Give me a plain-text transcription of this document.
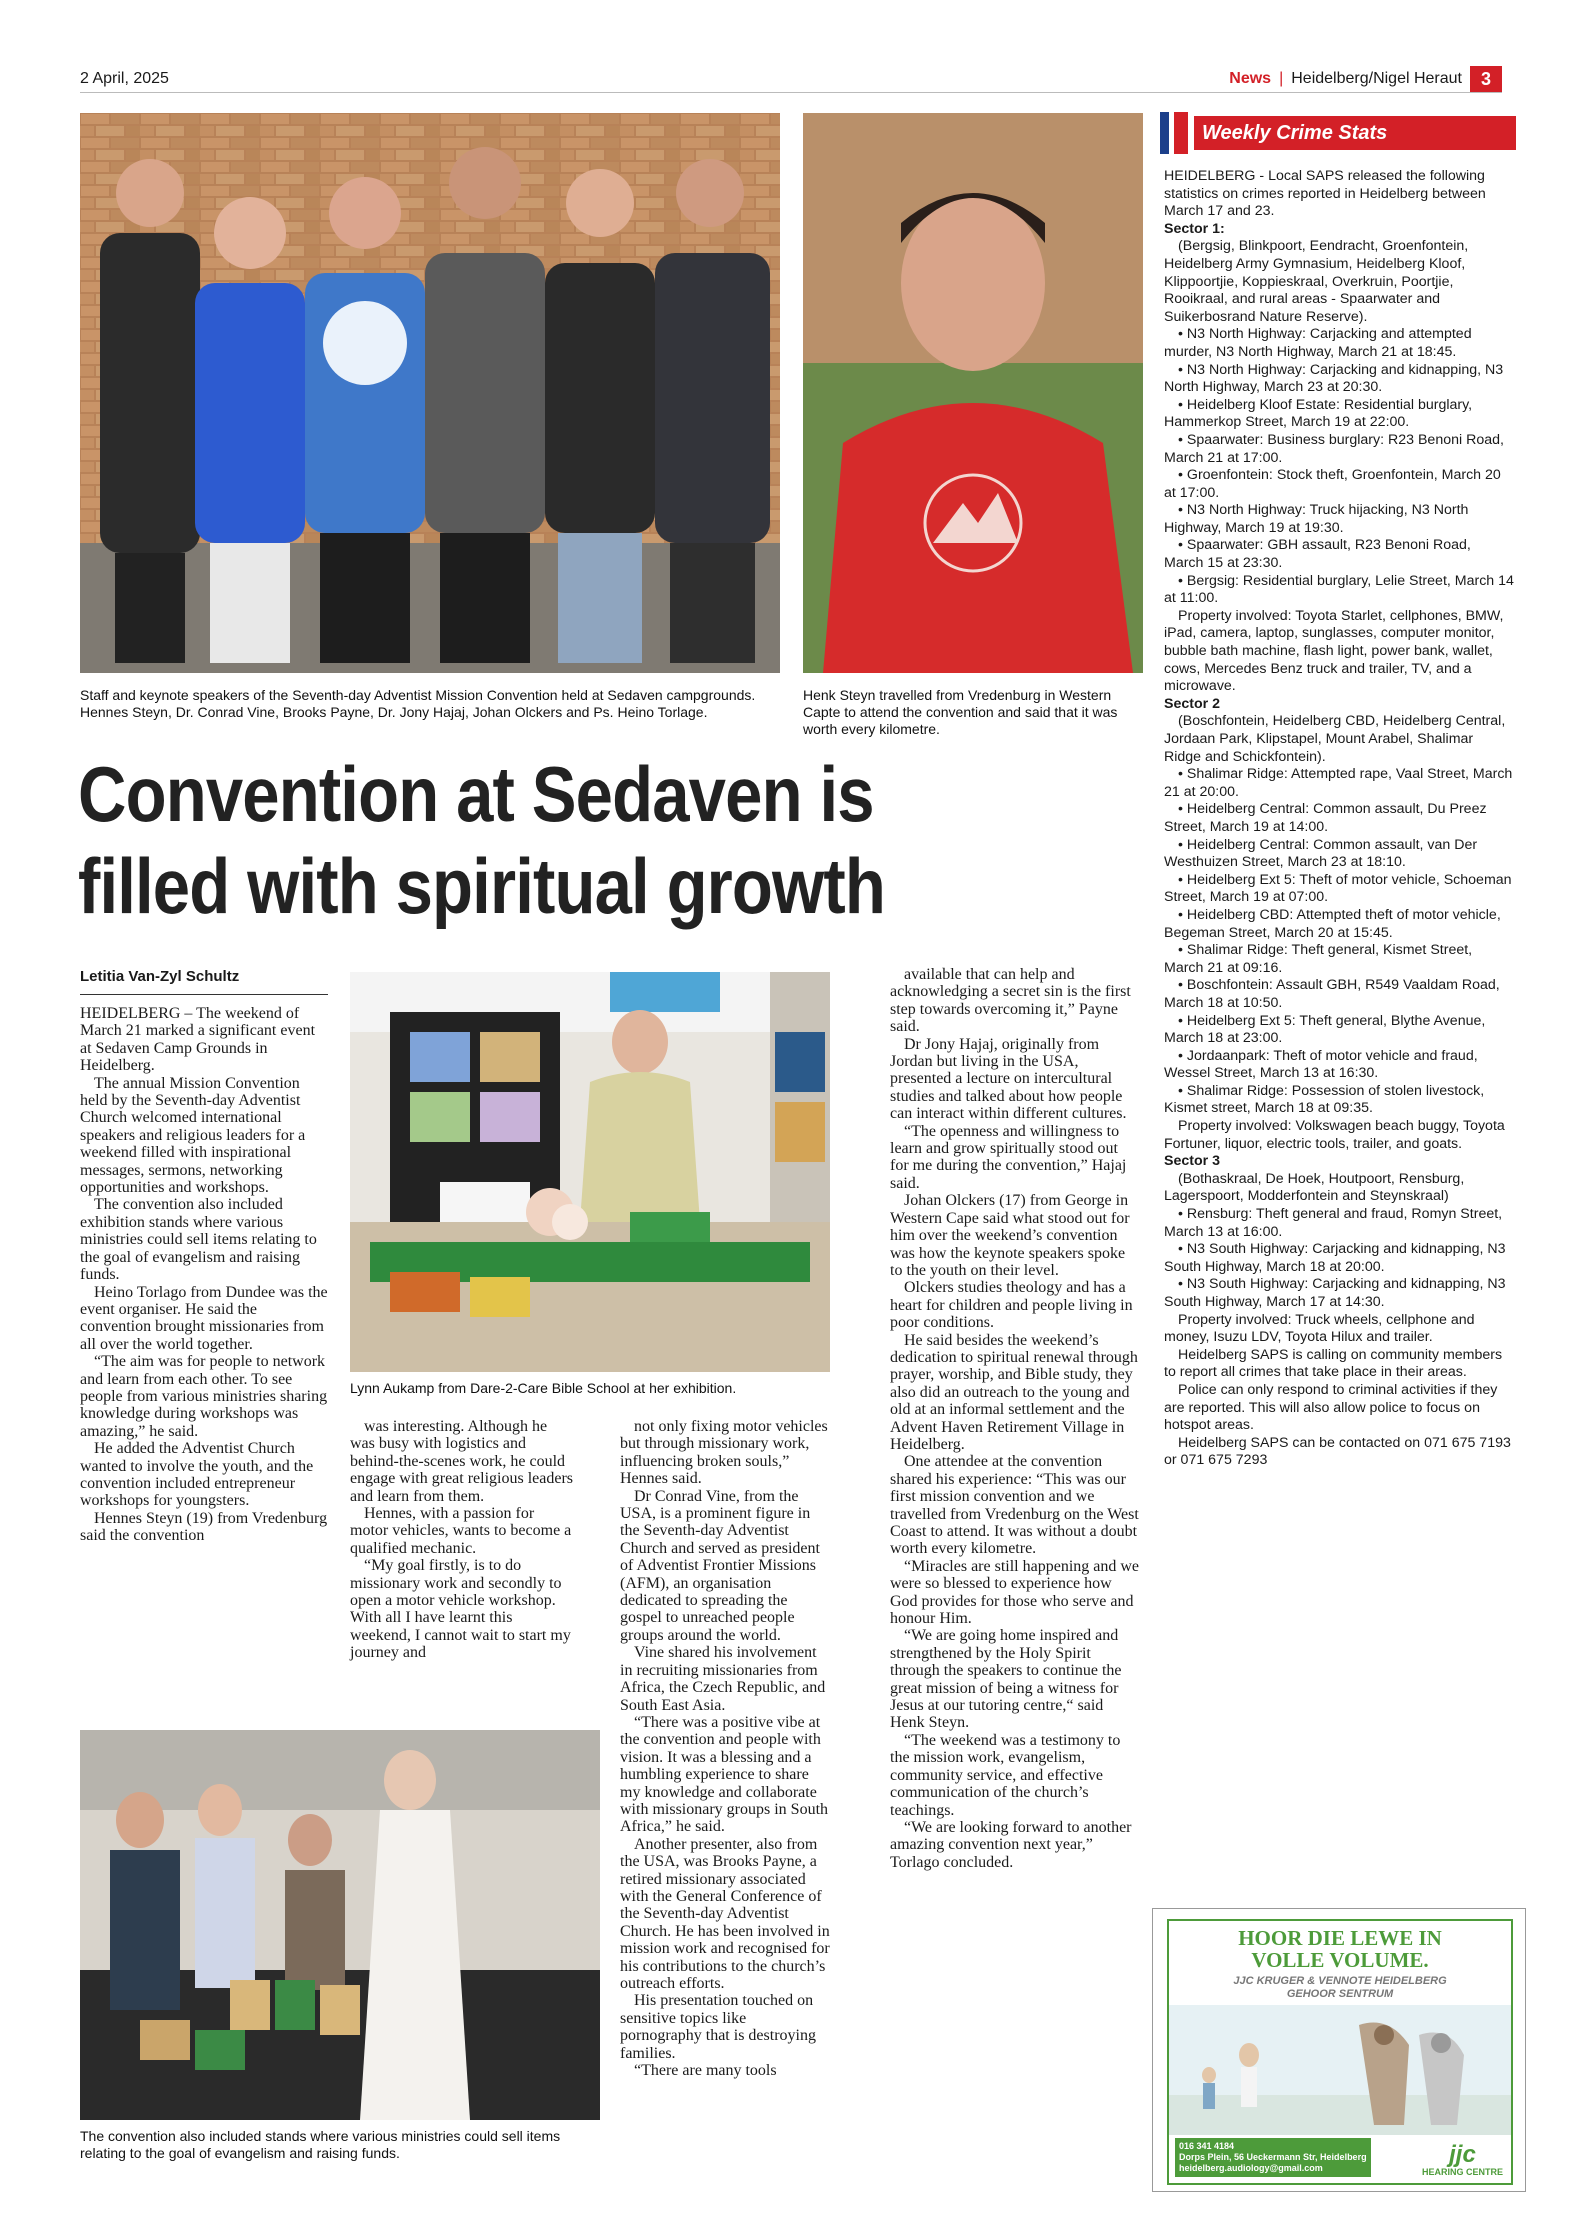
2 April, 2025	News | Heidelberg/Nigel Heraut	3
Staff and keynote speakers of the Seventh-day Adventist Mission Convention held at Sedaven campgrounds. Hennes Steyn, Dr. Conrad Vine, Brooks Payne, Dr. Jony Hajaj, Johan Olckers and Ps. Heino Torlage.
Henk Steyn travelled from Vredenburg in Western Capte to attend the convention and said that it was worth every kilometre.
Convention at Sedaven is
filled with spiritual growth
Letitia Van-Zyl Schultz

HEIDELBERG – The weekend of March 21 marked a significant event at Sedaven Camp Grounds in Heidelberg.

The annual Mission Convention held by the Seventh-day Adventist Church welcomed international speakers and religious leaders for a weekend filled with inspirational messages, sermons, networking opportunities and workshops.

The convention also included exhibition stands where various ministries could sell items relating to the goal of evangelism and raising funds.

Heino Torlago from Dundee was the event organiser. He said the convention brought missionaries from all over the world together.

“The aim was for people to network and learn from each other. To see people from various ministries sharing knowledge during workshops was amazing,” he said.

He added the Adventist Church wanted to involve the youth, and the convention included entrepreneur workshops for youngsters.

Hennes Steyn (19) from Vredenburg said the convention

Lynn Aukamp from Dare-2-Care Bible School at her exhibition.

was interesting. Although he was busy with logistics and behind-the-scenes work, he could engage with great religious leaders and learn from them.

Hennes, with a passion for motor vehicles, wants to become a qualified mechanic.

“My goal firstly, is to do missionary work and secondly to open a motor vehicle workshop. With all I have learnt this weekend, I cannot wait to start my journey and

not only fixing motor vehicles but through missionary work, influencing broken souls,” Hennes said.

Dr Conrad Vine, from the USA, is a prominent figure in the Seventh-day Adventist Church and served as president of Adventist Frontier Missions (AFM), an organisation dedicated to spreading the gospel to unreached people groups around the world.

Vine shared his involvement in recruiting missionaries from Africa, the Czech Republic, and South East Asia.

“There was a positive vibe at the convention and people with vision. It was a blessing and a humbling experience to share my knowledge and collaborate with missionary groups in South Africa,” he said.

Another presenter, also from the USA, was Brooks Payne, a retired missionary associated with the General Conference of the Seventh-day Adventist Church. He has been involved in mission work and recognised for his contributions to the church’s outreach efforts.

His presentation touched on sensitive topics like pornography that is destroying families.

“There are many tools

available that can help and acknowledging a secret sin is the first step towards overcoming it,” Payne said.

Dr Jony Hajaj, originally from Jordan but living in the USA, presented a lecture on intercultural studies and talked about how people can interact within different cultures.

“The openness and willingness to learn and grow spiritually stood out for me during the convention,” Hajaj said.

Johan Olckers (17) from George in Western Cape said what stood out for him over the weekend’s convention was how the keynote speakers spoke to the youth on their level.

Olckers studies theology and has a heart for children and people living in poor conditions.

He said besides the weekend’s dedication to spiritual renewal through prayer, worship, and Bible study, they also did an outreach to the young and old at an informal settlement and the Advent Haven Retirement Village in Heidelberg.

One attendee at the convention shared his experience: “This was our first mission convention and we travelled from Vredenburg on the West Coast to attend. It was without a doubt worth every kilometre.

“Miracles are still happening and we were so blessed to experience how God provides for those who serve and honour Him.

“We are going home inspired and strengthened by the Holy Spirit through the speakers to continue the great mission of being a witness for Jesus at our tutoring centre,“ said Henk Steyn.

“The weekend was a testimony to the mission work, evangelism, community service, and effective communication of the church’s teachings.

“We are looking forward to another amazing convention next year,” Torlago concluded.

The convention also included stands where various ministries could sell items relating to the goal of evangelism and raising funds.
Weekly Crime Stats

HEIDELBERG - Local SAPS released the following statistics on crimes reported in Heidelberg between March 17 and 23.

Sector 1:

(Bergsig, Blinkpoort, Eendracht, Groenfontein, Heidelberg Army Gymnasium, Heidelberg Kloof, Klippoortjie, Koppieskraal, Overkruin, Poortjie, Rooikraal, and rural areas - Spaarwater and Suikerbosrand Nature Reserve).

• N3 North Highway: Carjacking and attempted murder, N3 North Highway, March 21 at 18:45.

• N3 North Highway: Carjacking and kidnapping, N3 North Highway, March 23 at 20:30.

• Heidelberg Kloof Estate: Residential burglary, Hammerkop Street, March 19 at 22:00.

• Spaarwater: Business burglary: R23 Benoni Road, March 21 at 17:00.

• Groenfontein: Stock theft, Groenfontein, March 20 at 17:00.

• N3 North Highway: Truck hijacking, N3 North Highway, March 19 at 19:30.

• Spaarwater: GBH assault, R23 Benoni Road, March 15 at 23:30.

• Bergsig: Residential burglary, Lelie Street, March 14 at 11:00.

Property involved: Toyota Starlet, cellphones, BMW, iPad, camera, laptop, sunglasses, computer monitor, bubble bath machine, flash light, power bank, wallet, cows, Mercedes Benz truck and trailer, TV, and a microwave.

Sector 2

(Boschfontein, Heidelberg CBD, Heidelberg Central, Jordaan Park, Klipstapel, Mount Arabel, Shalimar Ridge and Schickfontein).

• Shalimar Ridge: Attempted rape, Vaal Street, March 21 at 20:00.

• Heidelberg Central: Common assault, Du Preez Street, March 19 at 14:00.

• Heidelberg Central: Common assault, van Der Westhuizen Street, March 23 at 18:10.

• Heidelberg Ext 5: Theft of motor vehicle, Schoeman Street, March 19 at 07:00.

• Heidelberg CBD: Attempted theft of motor vehicle, Begeman Street, March 20 at 15:45.

• Shalimar Ridge: Theft general, Kismet Street, March 21 at 09:16.

• Boschfontein: Assault GBH, R549 Vaaldam Road, March 18 at 10:50.

• Heidelberg Ext 5: Theft general, Blythe Avenue, March 18 at 23:00.

• Jordaanpark: Theft of motor vehicle and fraud, Wessel Street, March 13 at 16:30.

• Shalimar Ridge: Possession of stolen livestock, Kismet street, March 18 at 09:35.

Property involved: Volkswagen beach buggy, Toyota Fortuner, liquor, electric tools, trailer, and goats.

Sector 3

(Bothaskraal, De Hoek, Houtpoort, Rensburg, Lagerspoort, Modderfontein and Steynskraal)

• Rensburg: Theft general and fraud, Romyn Street, March 13 at 16:00.

• N3 South Highway: Carjacking and kidnapping, N3 South Highway, March 18 at 20:00.

• N3 South Highway: Carjacking and kidnapping, N3 South Highway, March 17 at 14:30.

Property involved: Truck wheels, cellphone and money, Isuzu LDV, Toyota Hilux and trailer.

Heidelberg SAPS is calling on community members to report all crimes that take place in their areas.

Police can only respond to criminal activities if they are reported. This will also allow police to focus on hotspot areas.

Heidelberg SAPS can be contacted on 071 675 7193 or 071 675 7293

HOOR DIE LEWE IN
VOLLE VOLUME.
JJC KRUGER & VENNOTE HEIDELBERG
GEHOOR SENTRUM
016 341 4184
Dorps Plein, 56 Ueckermann Str, Heidelberg
heidelberg.audiology@gmail.com	jjc
HEARING CENTRE
